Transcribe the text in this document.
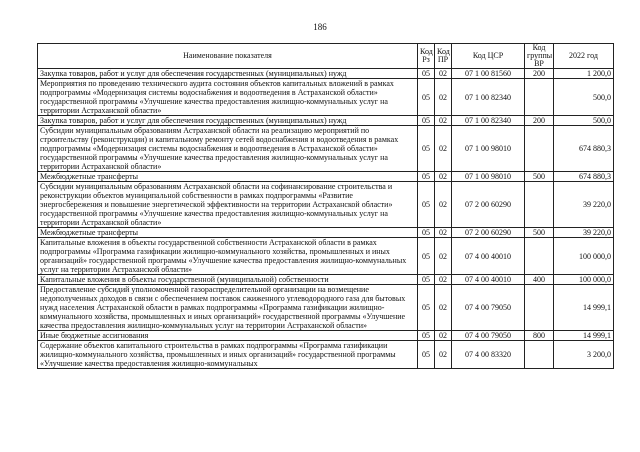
186
Наименование показателя	Код Рз	Код ПР	Код ЦСР	Код группы ВР	2022 год
Закупка товаров, работ и услуг для обеспечения государственных (муниципальных) нужд	05	02	07 1 00 81560	200	1 200,0
Мероприятия по проведению технического аудита состояния объектов капитальных вложений в рамках подпрограммы «Модернизация системы водоснабжения и водоотведения в Астраханской области» государственной программы «Улучшение качества предоставления жилищно-коммунальных услуг на территории Астраханской области»	05	02	07 1 00 82340		500,0
Закупка товаров, работ и услуг для обеспечения государственных (муниципальных) нужд	05	02	07 1 00 82340	200	500,0
Субсидии муниципальным образованиям Астраханской области на реализацию мероприятий по строительству (реконструкции) и капитальному ремонту сетей водоснабжения и водоотведения в рамках подпрограммы «Модернизация системы водоснабжения и водоотведения в Астраханской области» государственной программы «Улучшение качества предоставления жилищно-коммунальных услуг на территории Астраханской области»	05	02	07 1 00 98010		674 880,3
Межбюджетные трансферты	05	02	07 1 00 98010	500	674 880,3
Субсидии муниципальным образованиям Астраханской области на софинансирование строительства и реконструкции объектов муниципальной собственности в рамках подпрограммы «Развитие энергосбережения и повышение энергетической эффективности на территории Астраханской области» государственной программы «Улучшение качества предоставления жилищно-коммунальных услуг на территории Астраханской области»	05	02	07 2 00 60290		39 220,0
Межбюджетные трансферты	05	02	07 2 00 60290	500	39 220,0
Капитальные вложения в объекты государственной собственности Астраханской области в рамках подпрограммы «Программа газификации жилищно-коммунального хозяйства, промышленных и иных организаций» государственной программы «Улучшение качества предоставления жилищно-коммунальных услуг на территории Астраханской области»	05	02	07 4 00 40010		100 000,0
Капитальные вложения в объекты государственной (муниципальной) собственности	05	02	07 4 00 40010	400	100 000,0
Предоставление субсидий уполномоченной газораспределительной организации на возмещение недополученных доходов в связи с обеспечением поставок сжиженного углеводородного газа для бытовых нужд населения Астраханской области в рамках подпрограммы «Программа газификации жилищно-коммунального хозяйства, промышленных и иных организаций» государственной программы «Улучшение качества предоставления жилищно-коммунальных услуг на территории Астраханской области»	05	02	07 4 00 79050		14 999,1
Иные бюджетные ассигнования	05	02	07 4 00 79050	800	14 999,1
Содержание объектов капитального строительства в рамках подпрограммы «Программа газификации жилищно-коммунального хозяйства, промышленных и иных организаций» государственной программы «Улучшение качества предоставления жилищно-коммунальных	05	02	07 4 00 83320		3 200,0
